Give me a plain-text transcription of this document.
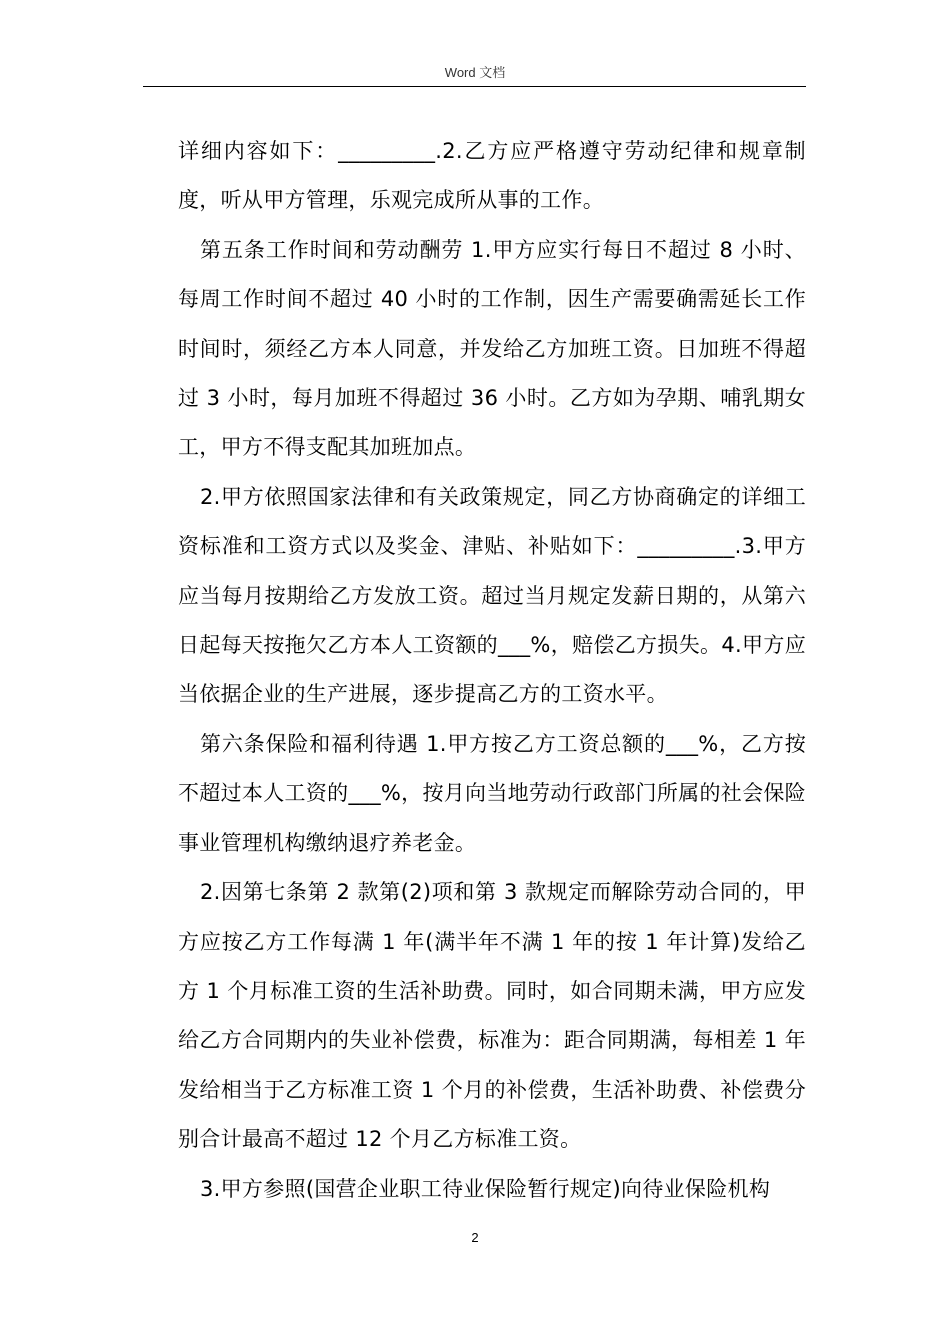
Word 文档

详细内容如下：_________.2.乙方应严格遵守劳动纪律和规章制度，听从甲方管理，乐观完成所从事的工作。

第五条工作时间和劳动酬劳 1.甲方应实行每日不超过 8 小时、每周工作时间不超过 40 小时的工作制，因生产需要确需延长工作时间时，须经乙方本人同意，并发给乙方加班工资。日加班不得超过 3 小时，每月加班不得超过 36 小时。乙方如为孕期、哺乳期女工，甲方不得支配其加班加点。

2.甲方依照国家法律和有关政策规定，同乙方协商确定的详细工资标准和工资方式以及奖金、津贴、补贴如下：_________.3.甲方应当每月按期给乙方发放工资。超过当月规定发薪日期的，从第六日起每天按拖欠乙方本人工资额的___%，赔偿乙方损失。4.甲方应当依据企业的生产进展，逐步提高乙方的工资水平。

第六条保险和福利待遇 1.甲方按乙方工资总额的___%，乙方按不超过本人工资的___%，按月向当地劳动行政部门所属的社会保险事业管理机构缴纳退疗养老金。

2.因第七条第 2 款第(2)项和第 3 款规定而解除劳动合同的，甲方应按乙方工作每满 1 年(满半年不满 1 年的按 1 年计算)发给乙方 1 个月标准工资的生活补助费。同时，如合同期未满，甲方应发给乙方合同期内的失业补偿费，标准为：距合同期满，每相差 1 年发给相当于乙方标准工资 1 个月的补偿费，生活补助费、补偿费分别合计最高不超过 12 个月乙方标准工资。

3.甲方参照(国营企业职工待业保险暂行规定)向待业保险机构

2
